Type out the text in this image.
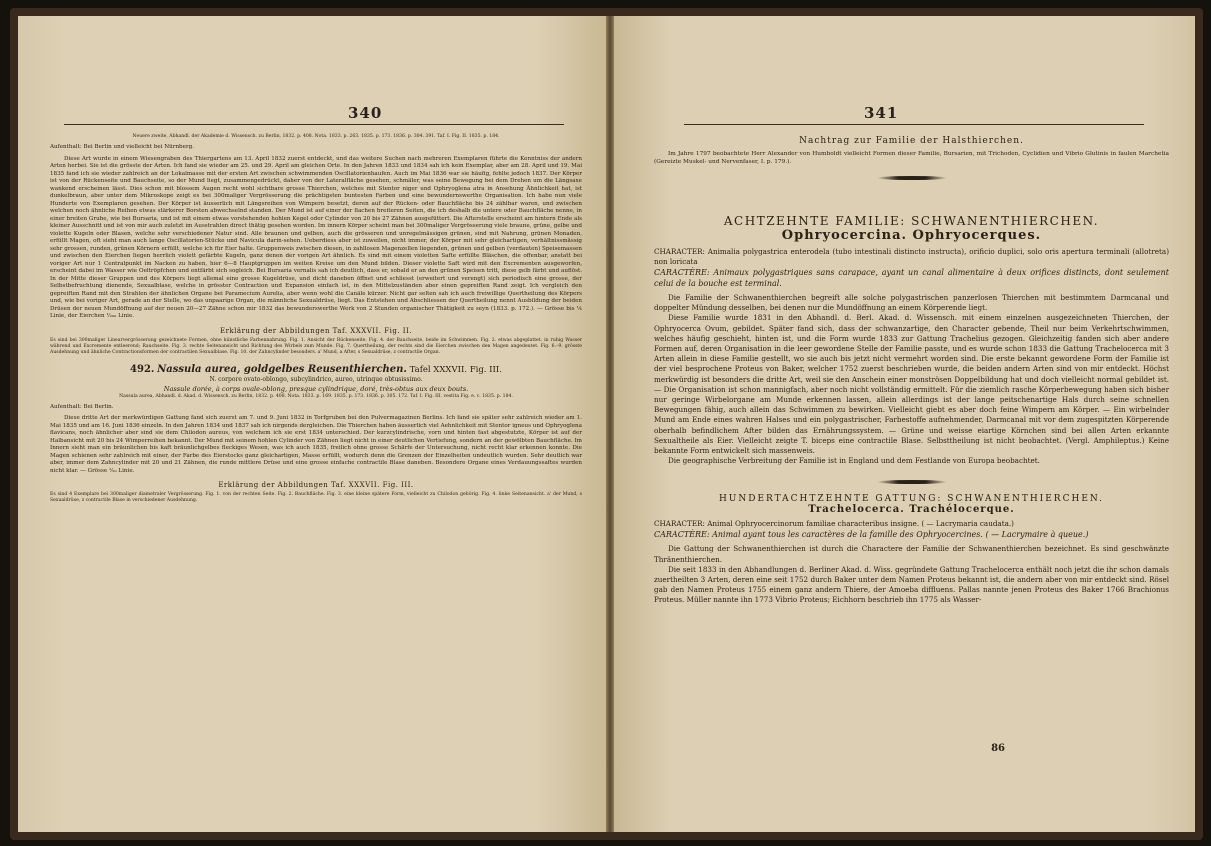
340

Neuere zweite, Abhandl. der Akademie d. Wissensch. zu Berlin, 1832. p. 408. Nota. 1833. p. 263. 1835. p. 173. 1836. p. 304. 391. Taf. I. Fig. II. 1835. p. 184.

Aufenthalt: Bei Berlin und vielleicht bei Nürnberg.

Diese Art wurde in einem Wiesengraben des Thiergartens am 13. April 1832 zuerst entdeckt, und das weitere Suchen nach mehreren Exemplaren führte die Kenntniss der andern Arten herbei. Sie ist die grösste der Arten. Ich fand sie wieder am 25. und 29. April am gleichen Orte. In den Jahren 1833 und 1834 sah ich kein Exemplar, aber am 28. April und 19. Mai 1835 fand ich sie wieder zahlreich an der Lokalmasse mit der ersten Art zwischen schwimmenden Oscillatorienhaufen. Auch im Mai 1836 war sie häufig, fehlte jedoch 1837. Der Körper ist von der Rückenseite und Bauchseite, so der Mund liegt, zusammengedrückt, daher von der Lateralfläche gesehen, schmäler, was seine Bewegung bei dem Drehen um die Längsaxe wankend erscheinen lässt. Dies schon mit blossem Augen recht wohl sichtbare grosse Thierchen, welches mit Stentor niger und Ophryoglena atra in Ansehung Ähnlichkeit hat, ist dunkelbraun, aber unter dem Mikroskope zeigt es bei 300maliger Vergrösserung die prächtigsten buntesten Farben und eine bewundernswerthe Organisation. Ich habe nun viele Hunderte von Exemplaren gesehen. Der Körper ist äusserlich mit Längsreihen von Wimpern besetzt, deren auf der Rücken- oder Bauchfläche bis 24 zählbar waren, und zwischen welchen noch ähnliche Reihen etwas stärkerer Borsten abwechselnd standen. Der Mund ist auf einer der flachen breiteren Seiten, die ich deshalb die untere oder Bauchfläche nenne, in einer breiten Grube, wie bei Bursaria, und ist mit einem etwas vorstehenden hohlen Kegel oder Cylinder von 20 bis 27 Zähnen ausgefüttert. Die Afterstelle erscheint am hintern Ende als kleiner Ausschnitt und ist von mir auch zuletzt im Ausstrahlen direct thätig gesehen worden. Im innern Körper scheint man bei 300maliger Vergrösserung viele braune, grüne, gelbe und violette Kugeln oder Blasen, welche sehr verschiedener Natur sind. Alle braunen und gelben, auch die grösseren und unregelmässigen grünen, sind mit Nahrung, grünen Monaden, erfüllt Magen, oft sieht man auch lange Oscillatorien-Stücke und Navicula darin-sehen. Ueberdiess aber ist zuweilen, nicht immer, der Körper mit sehr gleichartigen, verhältnissmässig sehr grossen, runden, grünen Körnern erfüllt, welche ich für Eier halte. Gruppenweis zwischen diesen, in zahllosen Magenzellen liegenden, grünen und gelben (verdauten) Speisemassen und zwischen den Eierchen liegen herrlich violett gefärbte Kugeln, ganz denen der vorigen Art ähnlich. Es sind mit einem violetten Safte erfüllte Bläschen, die offenbar, anstatt bei voriger Art nur 1 Centralpunkt im Nacken zu haben, hier 6—8 Hauptgruppen im weiten Kreise um den Mund bilden. Dieser violette Saft wird mit den Excrementen ausgeworfen, erscheint dabei im Wasser wie Oeltröpfchen und entfärbt sich sogleich. Bei Bursaria vernalis sah ich deutlich, dass er, sobald er an den grünen Speisen tritt, diese gelb färbt und auflöst. In der Mitte dieser Gruppen und des Körpers liegt allemal eine grosse Kugeldrüse, und dicht daneben öffnet und schliesst (erweitert und verengt) sich periodisch eine grosse, der Selbstbefruchtung dienende, Sexualblase, welche in grösster Contraction und Expansion einfach ist, in den Mittelzuständen aber einen gepreiften Rand zeigt. Ich vergleich den gepreiften Rand mit den Strahlen der ähnlichen Organe bei Paramecium Aurelia, aber wenn wohl die Canäle kürzer. Nicht gar selten sah ich auch freiwillige Quertheilung des Körpers und, wie bei voriger Art, gerade an der Stelle, wo das unpaarige Organ, die männliche Sexualdrüse, liegt. Das Entstehen und Abschliessen der Quertheilung nennt Ausbildung der beiden Drüsen der neuen Mundöffnung auf der neuen 20—27 Zähne schon mir 1832 das bewunderswerthe Werk von 2 Stunden organischer Thätigkeit zu seyn (1833. p. 172.). — Grösse bis ⅙ Linie, der Eierchen ¹⁄₂₀₀ Linie.

Erklärung der Abbildungen Taf. XXXVII. Fig. II.

Es sind bei 300maliger Linearvergrösserung gezeichnete Formen, ohne künstliche Farbennahrung. Fig. 1. Ansicht der Rückenseite, Fig. 4. der Bauchseite, beide im Schwimmen. Fig. 2. etwas abgeplattet, in ruhig Wasser während und Excremente entleerend; Rauchseite. Fig. 3. rechte Seitenansicht und Richtung des Wirbels zum Munde. Fig. 7. Quertheilung, der rechts sind die Eierchen zwischen den Magen angedeutet. Fig. 6.–9. grösste Ausdehnung und ähnliche Contractionsformen der contractilen Sexualblase. Fig. 10. der Zahncylinder besonders. a' Mund, a After, s Sexualdrüse, z contractile Organ.

492. Nassula aurea, goldgelbes Reusenthierchen. Tafel XXXVII. Fig. III.

N. corpore ovato-oblongo, subcylindrico, aureo, utrinque obtusissimo.

Nassule dorée, à corps ovale-oblong, presque cylindrique, doré, très-obtus aux deux bouts.

Nassula aurea, Abhandl. d. Akad. d. Wissensch. zu Berlin, 1832. p. 408. Nota. 1833. p. 169. 1835. p. 173. 1836. p. 305. 172. Taf. I. Fig. III. vestita Fig. e. c. 1835. p. 184.

Aufenthalt: Bei Berlin.

Diese dritte Art der merkwürdigen Gattung fand sich zuerst am 7. und 9. Juni 1832 in Torfgruben bei den Pulvermagazinen Berlins. Ich fand sie später sehr zahlreich wieder am 1. Mai 1835 und am 16. Juni 1836 einzeln. In den Jahren 1834 und 1837 sah ich nirgends dergleichen. Die Thierchen haben äusserlich viel Aehnlichkeit mit Stentor igneus und Ophryoglena flavicans, noch ähnlicher aber sind sie dem Chilodon aureus, von welchem ich sie erst 1834 unterschied. Der kurzcylindrische, vorn und hinten fast abgestutzte, Körper ist auf der Halbansicht mit 20 bis 24 Wimperreihen bekannt. Der Mund mit seinem hohlen Cylinder von Zähnen liegt nicht in einer deutlichen Vertiefung, sondern an der gewölbten Bauchfläche. Im Innern sieht man ein bräunlichen bis kaft bräunlichgelbes fleckiges Wesen, was ich auch 1835, freilich ohne grosse Schärfe der Untersuchung, nicht recht klar erkennen konnte. Die Magen schienen sehr zahlreich mit einer, der Farbe des Eierstocks ganz gleichartigen, Masse erfüllt, wodurch denn die Grenzen der Einzelheiten undeutlich wurden. Sehr deutlich war aber, immer dem Zahncylinder mit 20 und 21 Zähnen, die runde mittlere Drüse und eine grosse einfache contractile Blase daneben. Besondere Organe eines Verdauungssaftes wurden nicht klar. — Grösse ¹⁄₂₀ Linie.

Erklärung der Abbildungen Taf. XXXVII. Fig. III.

Es sind 4 Exemplare bei 300maliger diametraler Vergrösserung. Fig. 1. von der rechten Seite. Fig. 2. Bauchfläche. Fig. 3. eine kleine spätere Form, vielleicht zu Chilodon gehörig. Fig. 4. linke Seitenansicht. a' der Mund, s Sexualdrüse, z contractile Blase in verschiedener Ausdehnung.

341
Nachtrag zur Familie der Halsthierchen.

Im Jahre 1797 beobachtete Herr Alexander von Humboldt vielleicht Formen dieser Familie, Bursarien, mit Trichoden, Cyclidien und Vibrio Glutinis in faulen Marchetia (Gereizte Muskel- und Nervenfaser, I. p. 179.).

ACHTZEHNTE FAMILIE: SCHWANENTHIERCHEN.
Ophryocercina. Ophryocerques.

CHARACTER: Animalia polygastrica enterodela (tubo intestinali distincto instructa), orificio duplici, solo oris apertura terminali (allotreta) non loricata

CARACTÈRE: Animaux polygastriques sans carapace, ayant un canal alimentaire à deux orifices distincts, dont seulement celui de la bouche est terminal.

Die Familie der Schwanenthierchen begreift alle solche polygastrischen panzerlosen Thierchen mit bestimmtem Darmcanal und doppelter Mündung desselben, bei denen nur die Mundöffnung an einem Körperende liegt.

Diese Familie wurde 1831 in den Abhandl. d. Berl. Akad. d. Wissensch. mit einem einzelnen ausgezeichneten Thierchen, der Ophryocerca Ovum, gebildet. Später fand sich, dass der schwanzartige, den Character gebende, Theil nur beim Verkehrtschwimmen, welches häufig geschieht, hinten ist, und die Form wurde 1833 zur Gattung Trachelius gezogen. Gleichzeitig fanden sich aber andere Formen auf, deren Organisation in die leer gewordene Stelle der Familie passte, und es wurde schon 1833 die Gattung Trachelocerca mit 3 Arten allein in diese Familie gestellt, wo sie auch bis jetzt nicht vermehrt worden sind. Die erste bekannt gewordene Form der Familie ist der viel besprochene Proteus von Baker, welcher 1752 zuerst beschrieben wurde, die beiden andern Arten sind von mir entdeckt. Höchst merkwürdig ist besonders die dritte Art, weil sie den Anschein einer monströsen Doppelbildung hat und doch vielleicht normal gebildet ist. — Die Organisation ist schon mannigfach, aber noch nicht vollständig ermittelt. Für die ziemlich rasche Körperbewegung haben sich bisher nur geringe Wirbelorgane am Munde erkennen lassen, allein allerdings ist der lange peitschenartige Hals durch seine schnellen Bewegungen fähig, auch allein das Schwimmen zu bewirken. Vielleicht giebt es aber doch feine Wimpern am Körper. — Ein wirbelnder Mund am Ende eines wahren Halses und ein polygastrischer, Farbestoffe aufnehmender, Darmcanal mit vor dem zugespitzten Körperende oberhalb befindlichem After bilden das Ernährungssystem. — Grüne und weisse eiartige Körnchen sind bei allen Arten erkannte Sexualtheile als Eier. Vielleicht zeigte T. biceps eine contractile Blase. Selbsttheilung ist nicht beobachtet. (Vergl. Amphileptus.) Keine bekannte Form entwickelt sich massenweis.

Die geographische Verbreitung der Familie ist in England und dem Festlande von Europa beobachtet.

HUNDERTACHTZEHNTE GATTUNG: SCHWANENTHIERCHEN.
Trachelocerca. Trachélocerque.

CHARACTER: Animal Ophryocercinorum familiae characteribus insigne. ( — Lacrymaria caudata.)

CARACTÈRE: Animal ayant tous les caractères de la famille des Ophryocercines. ( — Lacrymaire à queue.)

Die Gattung der Schwanenthierchen ist durch die Charactere der Familie der Schwanenthierchen bezeichnet. Es sind geschwänzte Thränenthierchen.

Die seit 1833 in den Abhandlungen d. Berliner Akad. d. Wiss. gegründete Gattung Trachelocerca enthält noch jetzt die ihr schon damals zuertheilten 3 Arten, deren eine seit 1752 durch Baker unter dem Namen Proteus bekannt ist, die andern aber von mir entdeckt sind. Rösel gab den Namen Proteus 1755 einem ganz andern Thiere, der Amoeba diffluens. Pallas nannte jenen Proteus des Baker 1766 Brachionus Proteus. Müller nannte ihn 1773 Vibrio Proteus; Eichhorn beschrieb ihn 1775 als Wasser-

86
